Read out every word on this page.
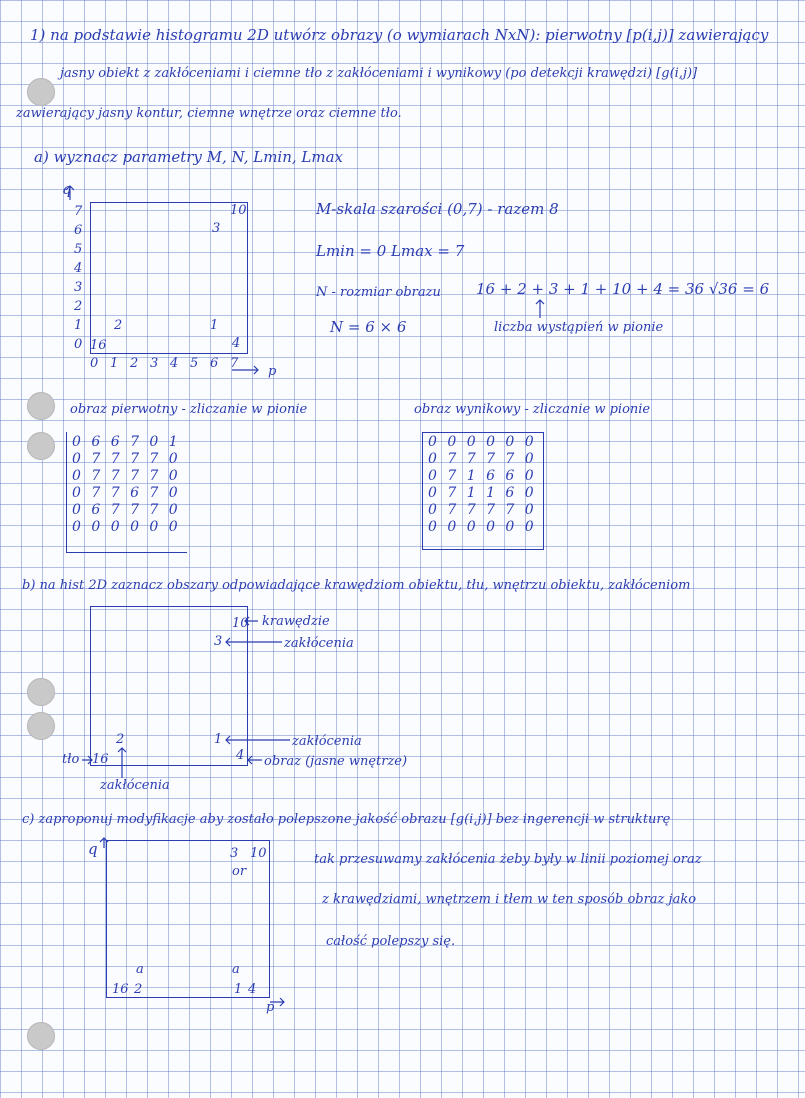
1) na podstawie histogramu 2D utwórz obrazy (o wymiarach NxN): pierwotny [p(i,j)] zawierający
jasny obiekt z zakłóceniami i ciemne tło z zakłóceniami i wynikowy (po detekcji krawędzi) [g(i,j)]
zawierający jasny kontur, ciemne wnętrze oraz ciemne tło.
a) wyznacz parametry M, N, Lmin, Lmax
q
7
6
5
4
3
2
1
0
0 1 2 3 4 5 6 7
p
10
3
2	1
16	4
M-skala szarości (0,7) - razem 8
Lmin = 0 Lmax = 7
N - rozmiar obrazu 16 + 2 + 3 + 1 + 10 + 4 = 36 √36 = 6
liczba wystąpień w pionie
N = 6 × 6
obraz pierwotny - zliczanie w pionie	obraz wynikowy - zliczanie w pionie
0 6 6 7 0 1
0 7 7 7 7 0
0 7 7 7 7 0
0 7 7 6 7 0
0 6 7 7 7 0
0 0 0 0 0 0
0 0 0 0 0 0
0 7 7 7 7 0
0 7 1 6 6 0
0 7 1 1 6 0
0 7 7 7 7 0
0 0 0 0 0 0
b) na hist 2D zaznacz obszary odpowiadające krawędziom obiektu, tłu, wnętrzu obiektu, zakłóceniom
10
3
2	1
4
16
krawędzie
zakłócenia
zakłócenia
obraz (jasne wnętrze)
tło
zakłócenia
c) zaproponuj modyfikacje aby zostało polepszone jakość obrazu [g(i,j)] bez ingerencji w strukturę
q	3 10
or
a	a
16 2	1 4
p
tak przesuwamy zakłócenia żeby były w linii poziomej oraz
z krawędziami, wnętrzem i tłem w ten sposób obraz jako
całość polepszy się.
